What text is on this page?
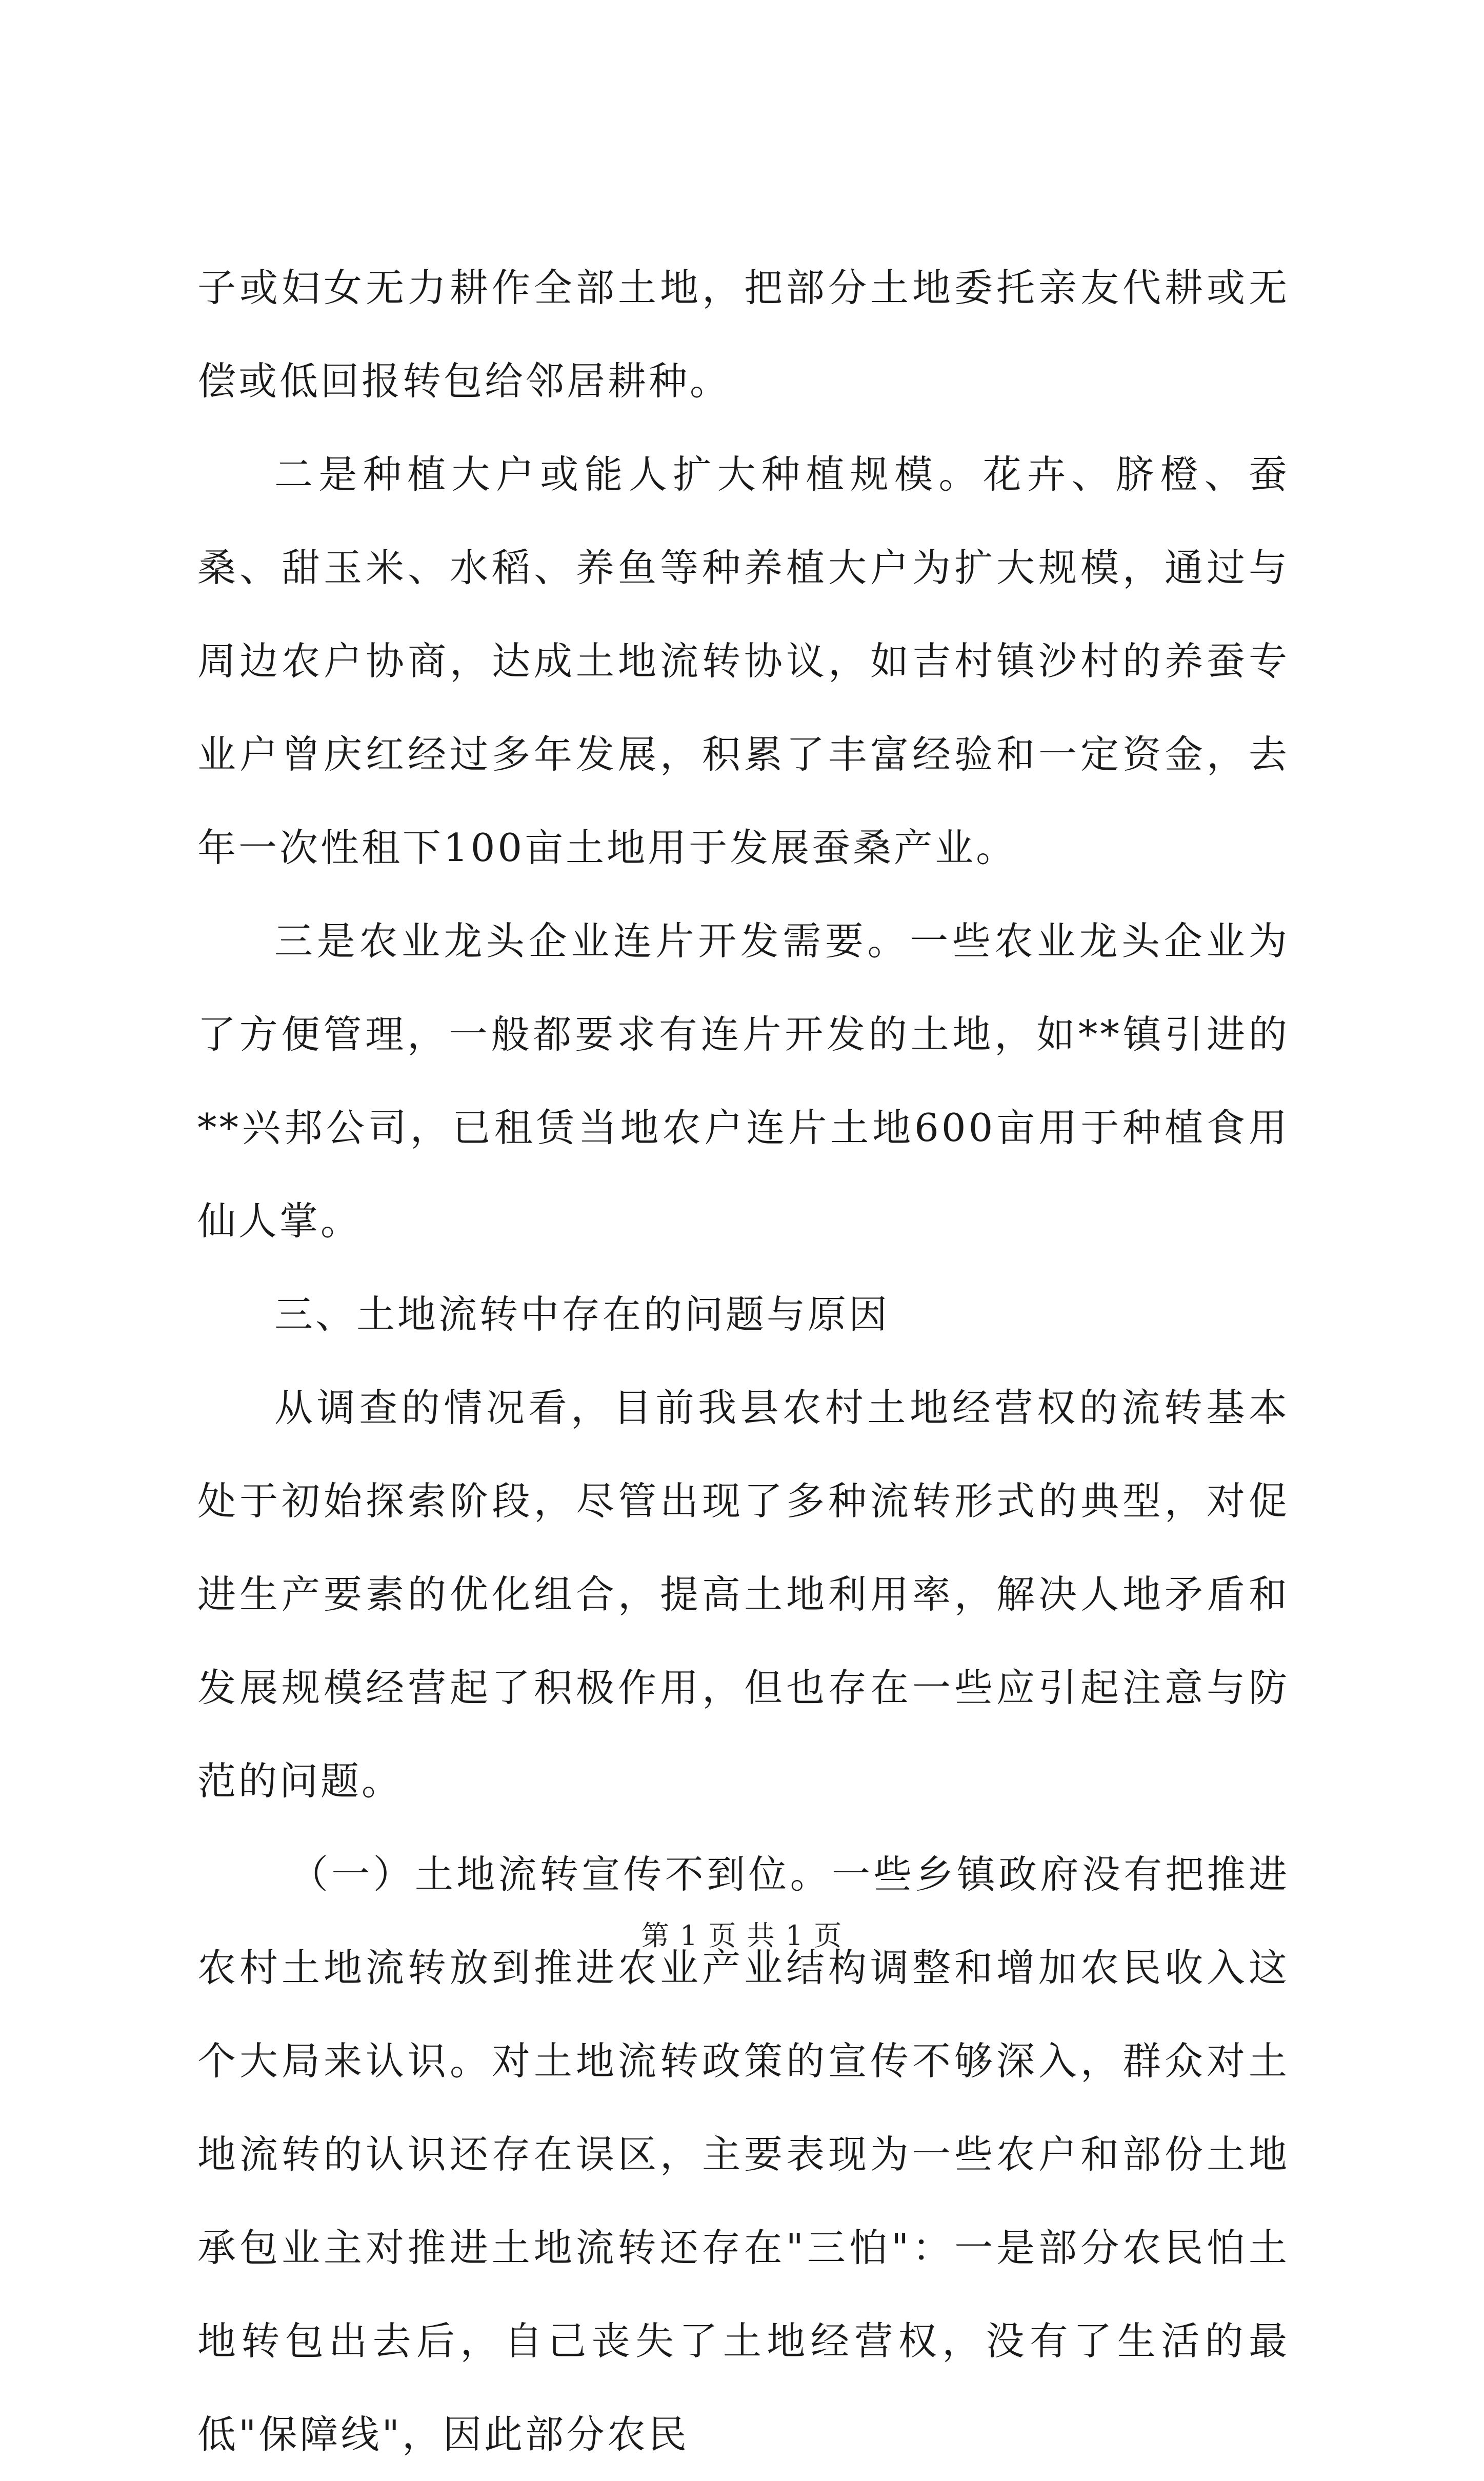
子或妇女无力耕作全部土地，把部分土地委托亲友代耕或无偿或低回报转包给邻居耕种。

二是种植大户或能人扩大种植规模。花卉、脐橙、蚕桑、甜玉米、水稻、养鱼等种养植大户为扩大规模，通过与周边农户协商，达成土地流转协议，如吉村镇沙村的养蚕专业户曾庆红经过多年发展，积累了丰富经验和一定资金，去年一次性租下100亩土地用于发展蚕桑产业。

三是农业龙头企业连片开发需要。一些农业龙头企业为了方便管理，一般都要求有连片开发的土地，如**镇引进的**兴邦公司，已租赁当地农户连片土地600亩用于种植食用仙人掌。

三、土地流转中存在的问题与原因

从调查的情况看，目前我县农村土地经营权的流转基本处于初始探索阶段，尽管出现了多种流转形式的典型，对促进生产要素的优化组合，提高土地利用率，解决人地矛盾和发展规模经营起了积极作用，但也存在一些应引起注意与防范的问题。

（一）土地流转宣传不到位。一些乡镇政府没有把推进农村土地流转放到推进农业产业结构调整和增加农民收入这个大局来认识。对土地流转政策的宣传不够深入，群众对土地流转的认识还存在误区，主要表现为一些农户和部份土地承包业主对推进土地流转还存在"三怕"：一是部分农民怕土地转包出去后，自己丧失了土地经营权，没有了生活的最低"保障线"，因此部分农民

第 1 页 共 1 页
